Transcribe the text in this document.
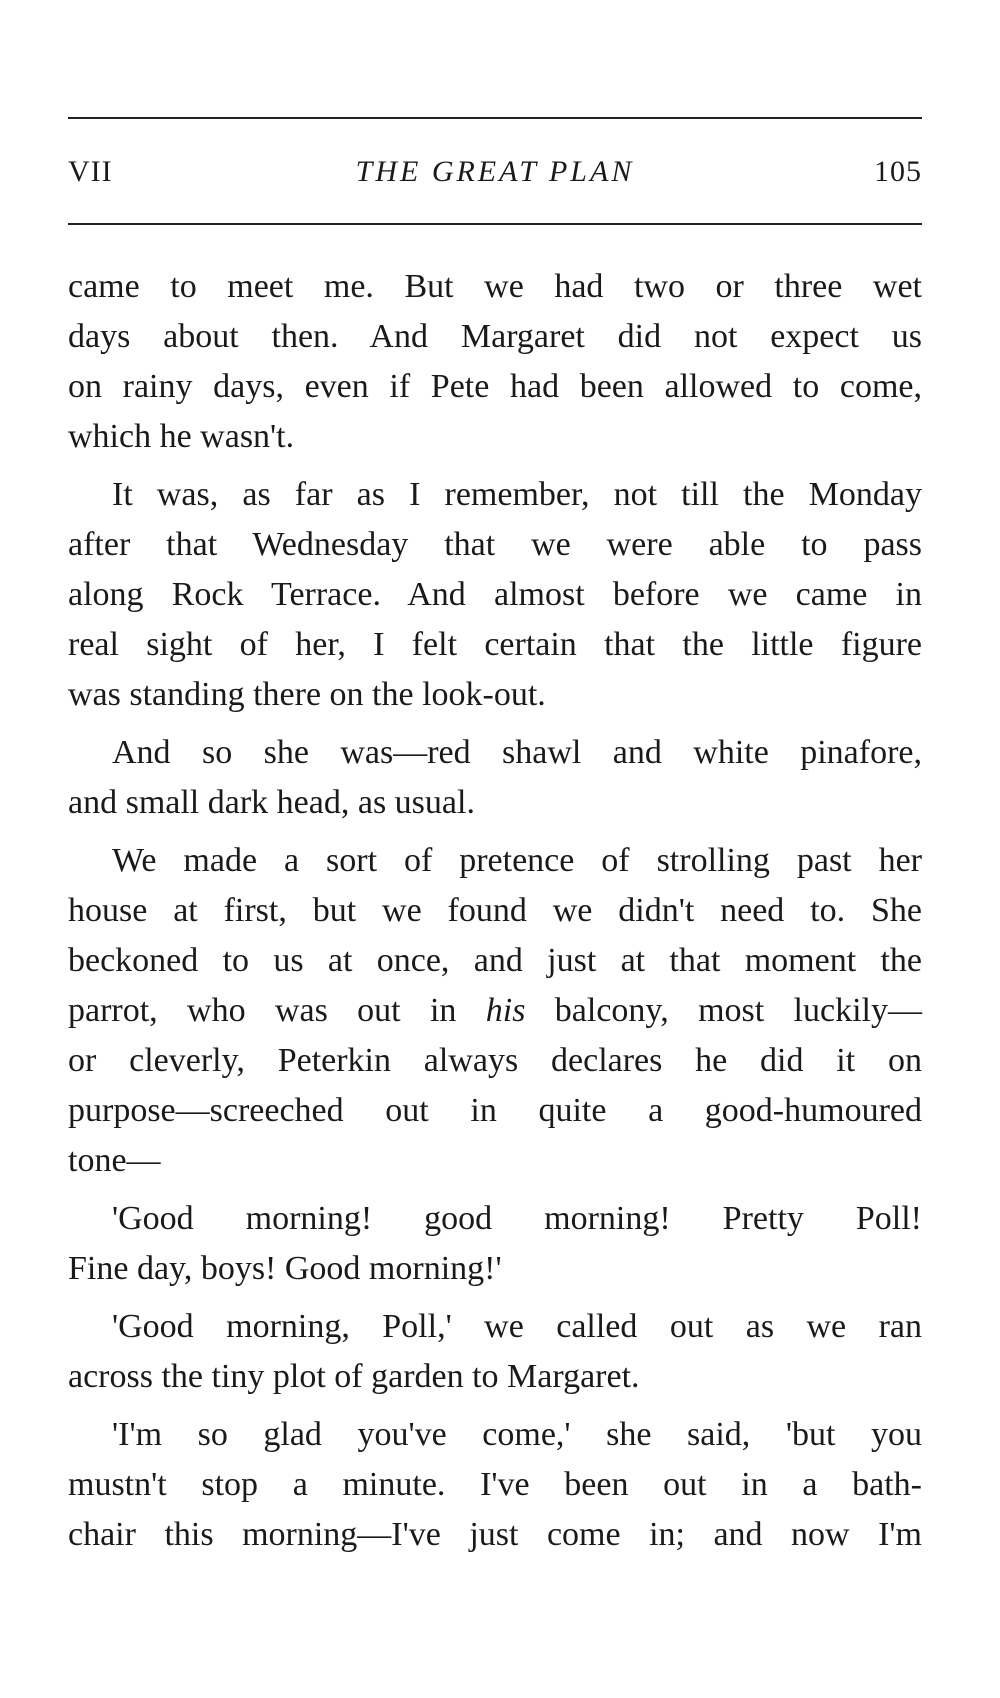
VII	THE GREAT PLAN	105
came to meet me. But we had two or three wet
days about then. And Margaret did not expect us
on rainy days, even if Pete had been allowed to come,
which he wasn't.
It was, as far as I remember, not till the Monday
after that Wednesday that we were able to pass
along Rock Terrace. And almost before we came in
real sight of her, I felt certain that the little figure
was standing there on the look-out.
And so she was—red shawl and white pinafore,
and small dark head, as usual.
We made a sort of pretence of strolling past her
house at first, but we found we didn't need to. She
beckoned to us at once, and just at that moment the
parrot, who was out in his balcony, most luckily—
or cleverly, Peterkin always declares he did it on
purpose—screeched out in quite a good-humoured
tone—
'Good morning! good morning! Pretty Poll!
Fine day, boys! Good morning!'
'Good morning, Poll,' we called out as we ran
across the tiny plot of garden to Margaret.
'I'm so glad you've come,' she said, 'but you
mustn't stop a minute. I've been out in a bath-
chair this morning—I've just come in; and now I'm
